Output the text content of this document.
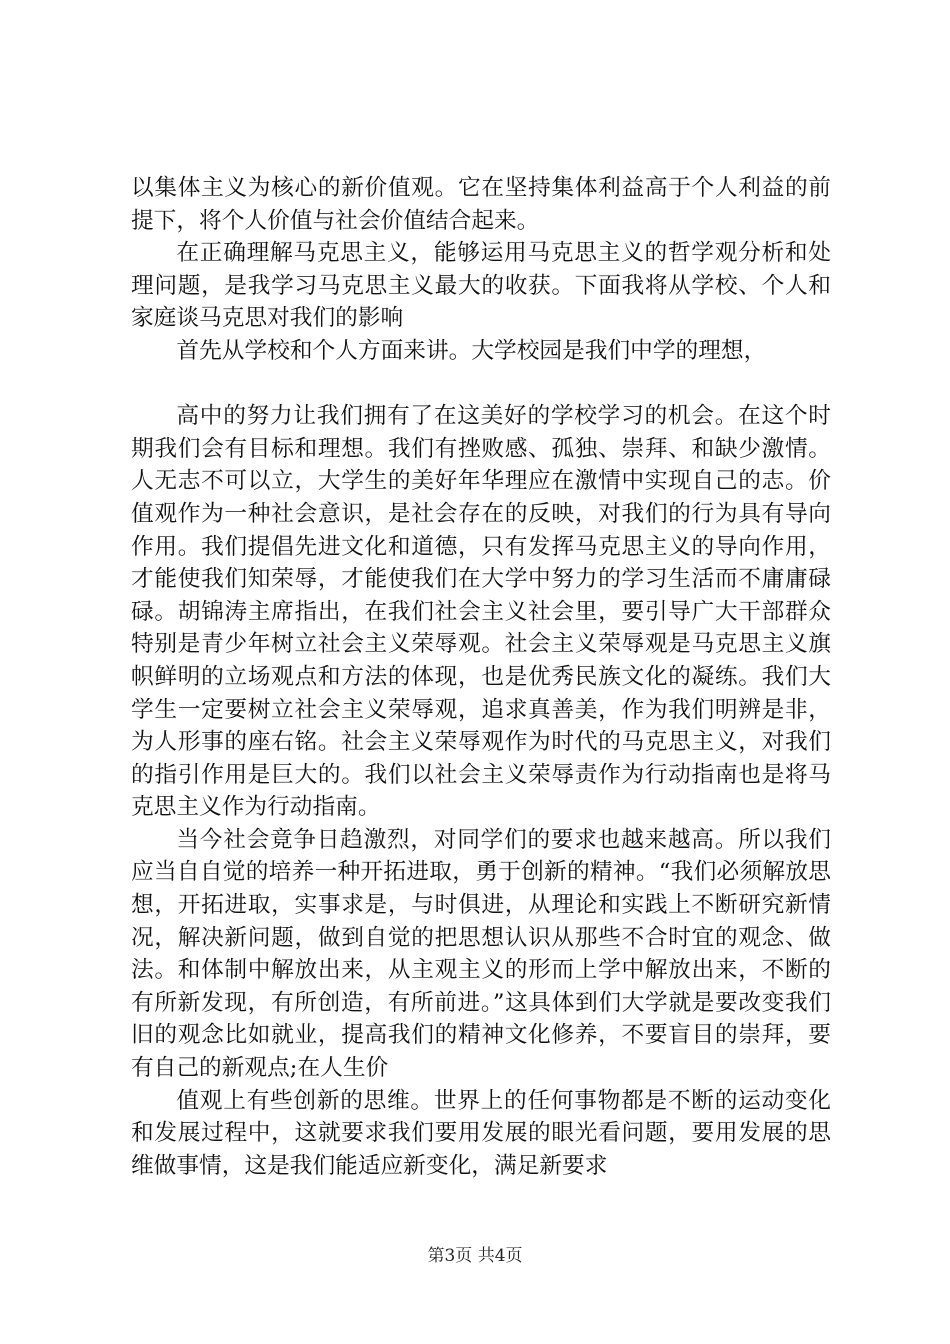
以集体主义为核心的新价值观。它在坚持集体利益高于个人利益的前提下，将个人价值与社会价值结合起来。

在正确理解马克思主义，能够运用马克思主义的哲学观分析和处理问题，是我学习马克思主义最大的收获。下面我将从学校、个人和家庭谈马克思对我们的影响

首先从学校和个人方面来讲。大学校园是我们中学的理想，

高中的努力让我们拥有了在这美好的学校学习的机会。在这个时期我们会有目标和理想。我们有挫败感、孤独、崇拜、和缺少激情。人无志不可以立，大学生的美好年华理应在激情中实现自己的志。价值观作为一种社会意识，是社会存在的反映，对我们的行为具有导向作用。我们提倡先进文化和道德，只有发挥马克思主义的导向作用，才能使我们知荣辱，才能使我们在大学中努力的学习生活而不庸庸碌碌。胡锦涛主席指出，在我们社会主义社会里，要引导广大干部群众特别是青少年树立社会主义荣辱观。社会主义荣辱观是马克思主义旗帜鲜明的立场观点和方法的体现，也是优秀民族文化的凝练。我们大学生一定要树立社会主义荣辱观，追求真善美，作为我们明辨是非，为人形事的座右铭。社会主义荣辱观作为时代的马克思主义，对我们的指引作用是巨大的。我们以社会主义荣辱责作为行动指南也是将马克思主义作为行动指南。

当今社会竟争日趋激烈，对同学们的要求也越来越高。所以我们应当自自觉的培养一种开拓进取，勇于创新的精神。“我们必须解放思想，开拓进取，实事求是，与时俱进，从理论和实践上不断研究新情况，解决新问题，做到自觉的把思想认识从那些不合时宜的观念、做法。和体制中解放出来，从主观主义的形而上学中解放出来，不断的有所新发现，有所创造，有所前进。”这具体到们大学就是要改变我们旧的观念比如就业，提高我们的精神文化修养，不要盲目的崇拜，要有自己的新观点;在人生价

值观上有些创新的思维。世界上的任何事物都是不断的运动变化和发展过程中，这就要求我们要用发展的眼光看问题，要用发展的思维做事情，这是我们能适应新变化，满足新要求

第3页 共4页
